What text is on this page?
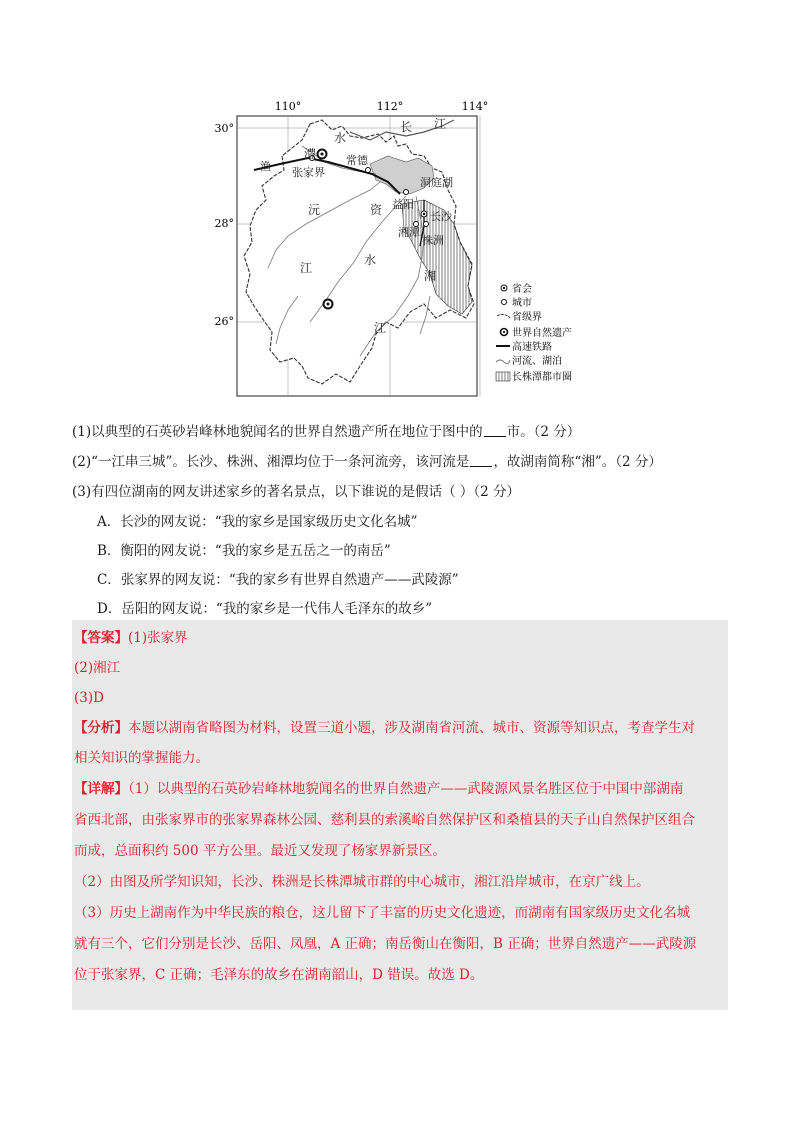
110°	112°	114°
30°
28°
26°
长 江
水
澧
渔 张家界
常德
洞庭湖
益阳
长沙
湘潭
株洲
沅	资
江
水
湘
江
省会
城市
省级界
世界自然遗产
高速铁路
河流、湖泊
长株潭都市圈
(1)以典型的石英砂岩峰林地貌闻名的世界自然遗产所在地位于图中的 市。（2 分）
(2)“一江串三城”。长沙、株洲、湘潭均位于一条河流旁，该河流是 ，故湖南简称“湘”。（2 分）
(3)有四位湖南的网友讲述家乡的著名景点，以下谁说的是假话（ ）（2 分）
A．长沙的网友说：“我的家乡是国家级历史文化名城”
B．衡阳的网友说：“我的家乡是五岳之一的南岳”
C．张家界的网友说：“我的家乡有世界自然遗产——武陵源”
D．岳阳的网友说：“我的家乡是一代伟人毛泽东的故乡”
【答案】(1)张家界
(2)湘江
(3)D
【分析】本题以湖南省略图为材料，设置三道小题，涉及湖南省河流、城市、资源等知识点，考查学生对
相关知识的掌握能力。
【详解】（1）以典型的石英砂岩峰林地貌闻名的世界自然遗产——武陵源风景名胜区位于中国中部湖南
省西北部，由张家界市的张家界森林公园、慈利县的索溪峪自然保护区和桑植县的天子山自然保护区组合
而成，总面积约 500 平方公里。最近又发现了杨家界新景区。
（2）由图及所学知识知，长沙、株洲是长株潭城市群的中心城市，湘江沿岸城市，在京广线上。
（3）历史上湖南作为中华民族的粮仓，这儿留下了丰富的历史文化遗迹，而湖南有国家级历史文化名城
就有三个，它们分别是长沙、岳阳、凤凰，A 正确；南岳衡山在衡阳，B 正确；世界自然遗产——武陵源
位于张家界，C 正确；毛泽东的故乡在湖南韶山，D 错误。故选 D。
